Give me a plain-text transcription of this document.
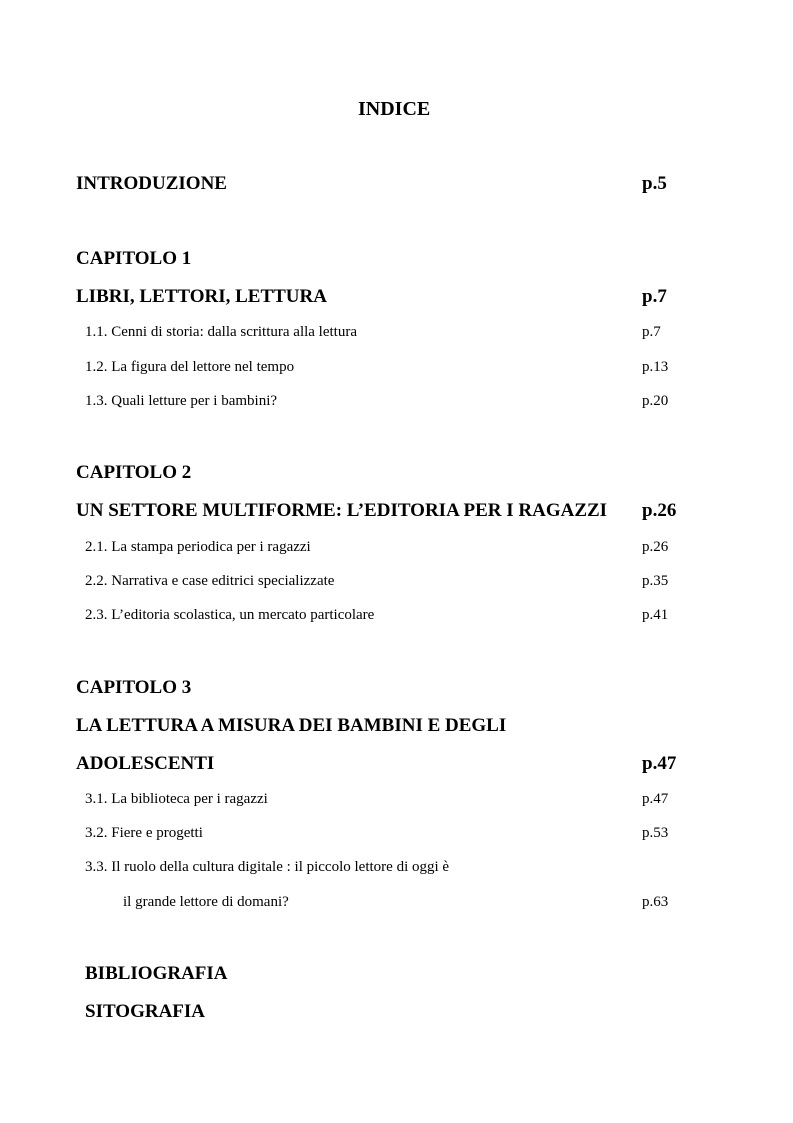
INDICE
INTRODUZIONE	p.5
CAPITOLO 1
LIBRI, LETTORI, LETTURA	p.7
1.1. Cenni di storia: dalla scrittura alla lettura	p.7
1.2. La figura del lettore nel tempo	p.13
1.3. Quali letture per i bambini?	p.20
CAPITOLO 2
UN SETTORE MULTIFORME: L’EDITORIA PER I RAGAZZI p.26
2.1. La stampa periodica per i ragazzi	p.26
2.2. Narrativa e case editrici specializzate	p.35
2.3. L’editoria scolastica, un mercato particolare	p.41
CAPITOLO 3
LA LETTURA A MISURA DEI BAMBINI E DEGLI
ADOLESCENTI	p.47
3.1. La biblioteca per i ragazzi	p.47
3.2. Fiere e progetti	p.53
3.3. Il ruolo della cultura digitale : il piccolo lettore di oggi è
il grande lettore di domani?	p.63
BIBLIOGRAFIA
SITOGRAFIA
